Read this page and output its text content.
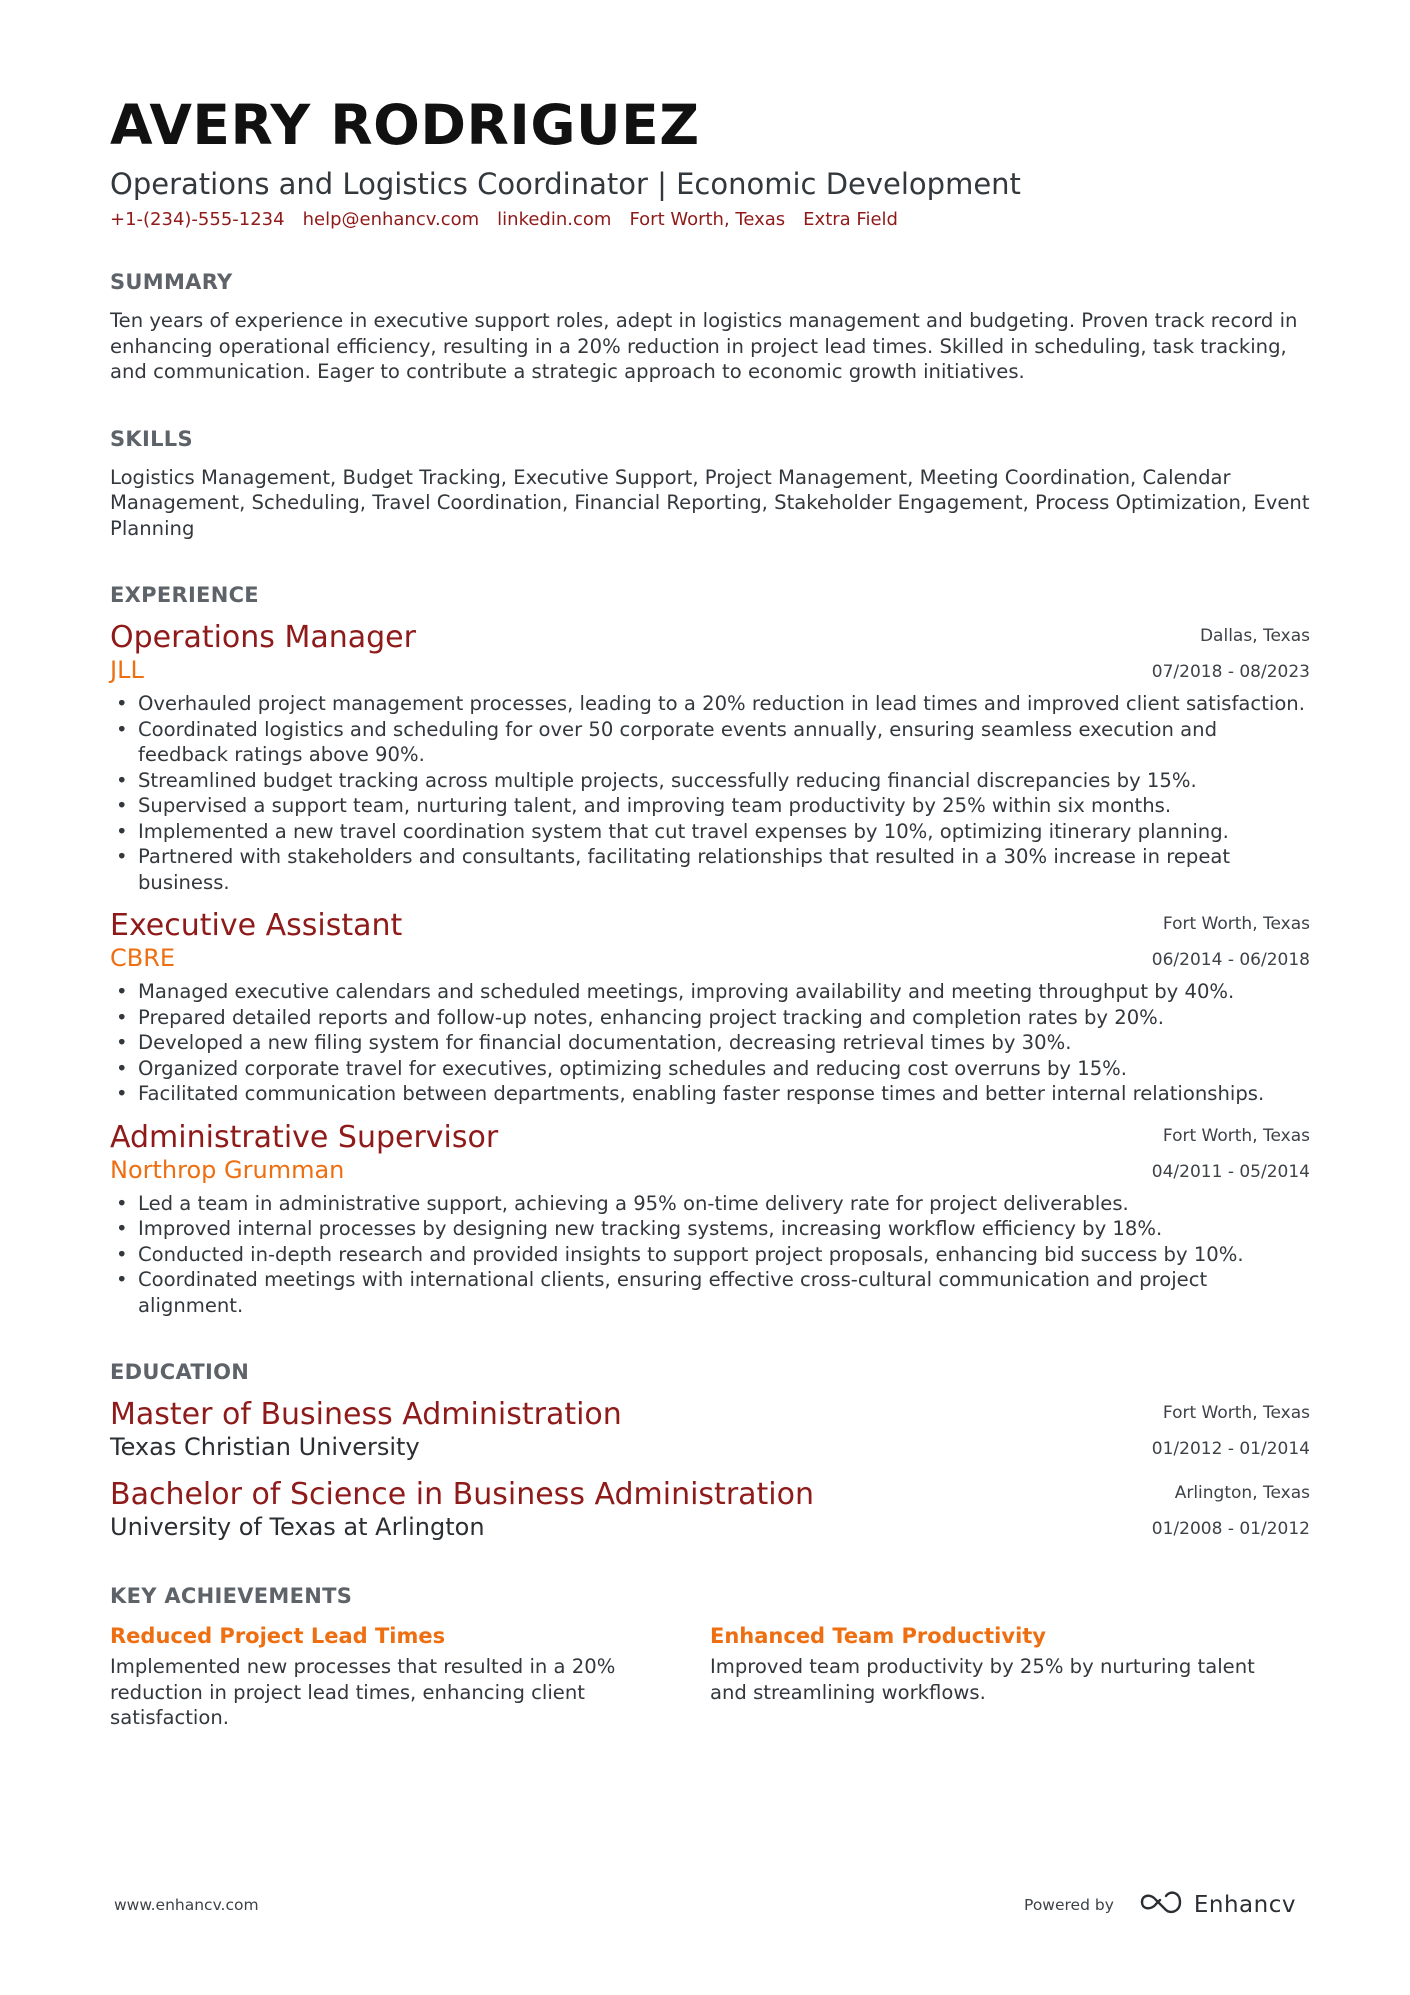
AVERY RODRIGUEZ
Operations and Logistics Coordinator | Economic Development
+1-(234)-555-1234 help@enhancv.com linkedin.com Fort Worth, Texas Extra Field
SUMMARY
Ten years of experience in executive support roles, adept in logistics management and budgeting. Proven track record in enhancing operational efficiency, resulting in a 20% reduction in project lead times. Skilled in scheduling, task tracking, and communication. Eager to contribute a strategic approach to economic growth initiatives.
SKILLS
Logistics Management, Budget Tracking, Executive Support, Project Management, Meeting Coordination, Calendar Management, Scheduling, Travel Coordination, Financial Reporting, Stakeholder Engagement, Process Optimization, Event Planning
EXPERIENCE
Operations Manager
JLL
Dallas, Texas
07/2018 - 08/2023
• Overhauled project management processes, leading to a 20% reduction in lead times and improved client satisfaction.
• Coordinated logistics and scheduling for over 50 corporate events annually, ensuring seamless execution and feedback ratings above 90%.
• Streamlined budget tracking across multiple projects, successfully reducing financial discrepancies by 15%.
• Supervised a support team, nurturing talent, and improving team productivity by 25% within six months.
• Implemented a new travel coordination system that cut travel expenses by 10%, optimizing itinerary planning.
• Partnered with stakeholders and consultants, facilitating relationships that resulted in a 30% increase in repeat business.
Executive Assistant
CBRE
Fort Worth, Texas
06/2014 - 06/2018
• Managed executive calendars and scheduled meetings, improving availability and meeting throughput by 40%.
• Prepared detailed reports and follow-up notes, enhancing project tracking and completion rates by 20%.
• Developed a new filing system for financial documentation, decreasing retrieval times by 30%.
• Organized corporate travel for executives, optimizing schedules and reducing cost overruns by 15%.
• Facilitated communication between departments, enabling faster response times and better internal relationships.
Administrative Supervisor
Northrop Grumman
Fort Worth, Texas
04/2011 - 05/2014
• Led a team in administrative support, achieving a 95% on-time delivery rate for project deliverables.
• Improved internal processes by designing new tracking systems, increasing workflow efficiency by 18%.
• Conducted in-depth research and provided insights to support project proposals, enhancing bid success by 10%.
• Coordinated meetings with international clients, ensuring effective cross-cultural communication and project alignment.
EDUCATION
Master of Business Administration
Texas Christian University
Fort Worth, Texas
01/2012 - 01/2014
Bachelor of Science in Business Administration
University of Texas at Arlington
Arlington, Texas
01/2008 - 01/2012
KEY ACHIEVEMENTS
Reduced Project Lead Times
Implemented new processes that resulted in a 20% reduction in project lead times, enhancing client satisfaction.
Enhanced Team Productivity
Improved team productivity by 25% by nurturing talent and streamlining workflows.
www.enhancv.com	Powered by	Enhancv
